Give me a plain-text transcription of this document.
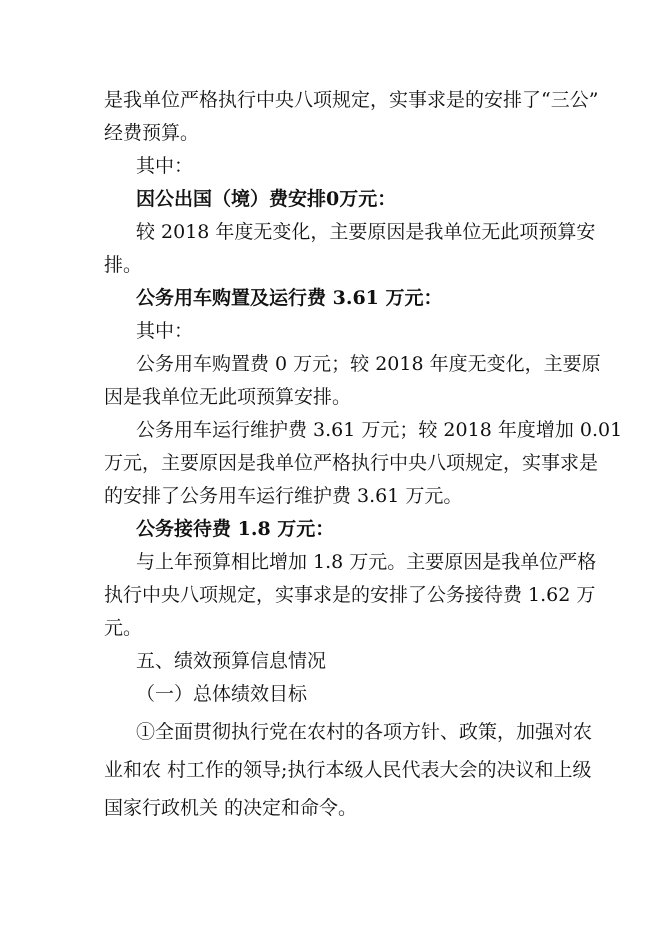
是我单位严格执行中央八项规定，实事求是的安排了“三公”
经费预算。
其中：
因公出国（境）费安排0万元：
较 2018 年度无变化，主要原因是我单位无此项预算安
排。
公务用车购置及运行费 3.61 万元：
其中：
公务用车购置费 0 万元；较 2018 年度无变化，主要原
因是我单位无此项预算安排。
公务用车运行维护费 3.61 万元；较 2018 年度增加 0.01
万元，主要原因是我单位严格执行中央八项规定，实事求是
的安排了公务用车运行维护费 3.61 万元。
公务接待费 1.8 万元：
与上年预算相比增加 1.8 万元。主要原因是我单位严格
执行中央八项规定，实事求是的安排了公务接待费 1.62 万
元。
五、绩效预算信息情况
（一）总体绩效目标
①全面贯彻执行党在农村的各项方针、政策，加强对农
业和农 村工作的领导;执行本级人民代表大会的决议和上级
国家行政机关 的决定和命令。
